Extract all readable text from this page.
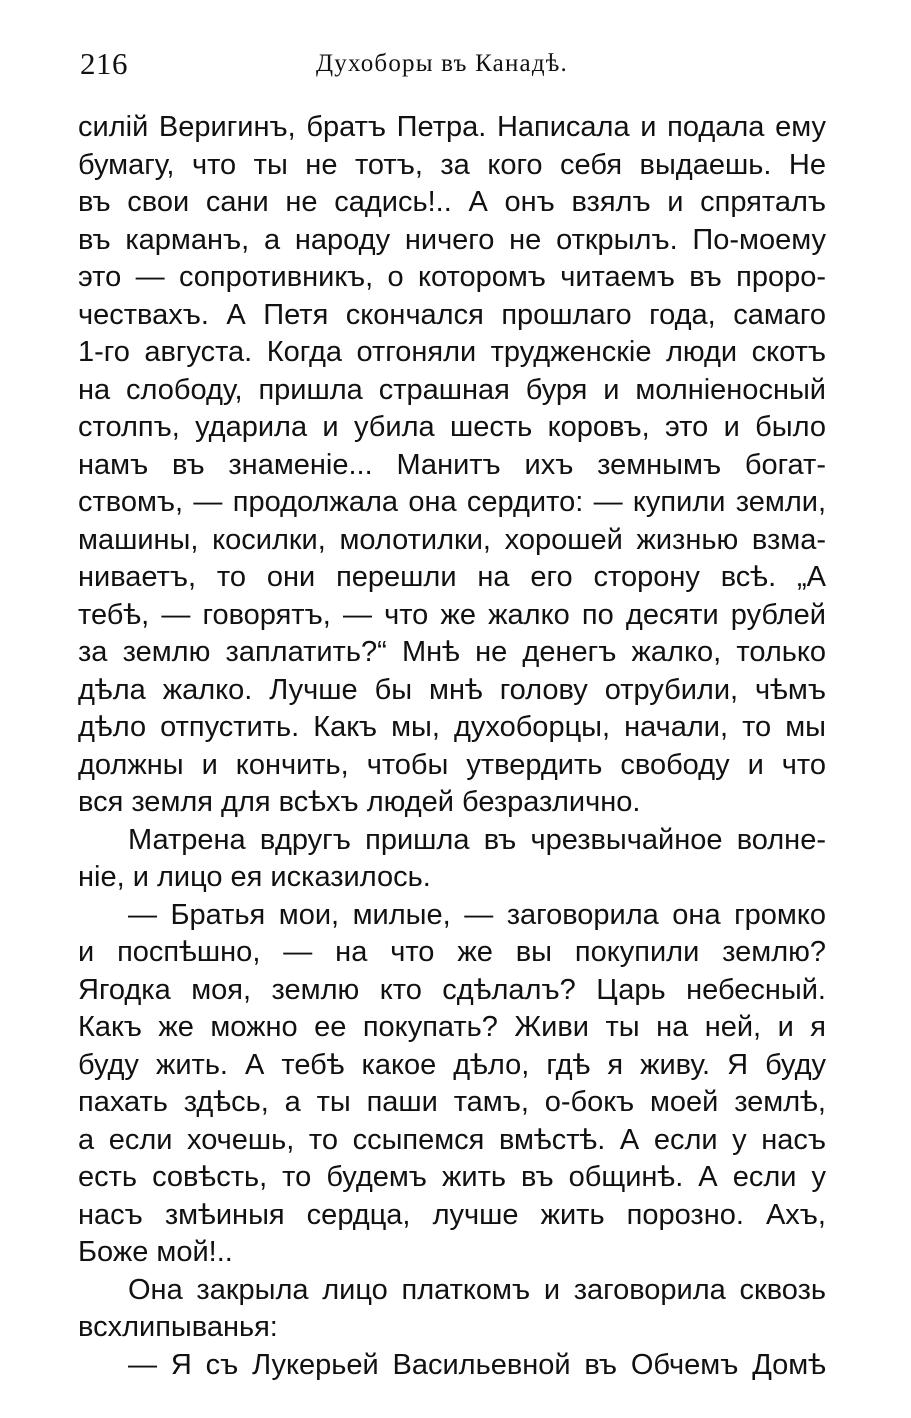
216	Духоборы въ Канадѣ.
силій Веригинъ, братъ Петра. Написала и подала ему
бумагу, что ты не тотъ, за кого себя выдаешь. Не
въ свои сани не садись!.. А онъ взялъ и спряталъ
въ карманъ, а народу ничего не открылъ. По-моему
это — сопротивникъ, о которомъ читаемъ въ проро-
чествахъ. А Петя скончался прошлаго года, самаго
1-го августа. Когда отгоняли трудженскіе люди скотъ
на слободу, пришла страшная буря и молніеносный
столпъ, ударила и убила шесть коровъ, это и было
намъ въ знаменіе... Манитъ ихъ земнымъ богат-
ствомъ, — продолжала она сердито: — купили земли,
машины, косилки, молотилки, хорошей жизнью взма-
ниваетъ, то они перешли на его сторону всѣ. „А
тебѣ, — говорятъ, — что же жалко по десяти рублей
за землю заплатить?“ Мнѣ не денегъ жалко, только
дѣла жалко. Лучше бы мнѣ голову отрубили, чѣмъ
дѣло отпустить. Какъ мы, духоборцы, начали, то мы
должны и кончить, чтобы утвердить свободу и что
вся земля для всѣхъ людей безразлично.
Матрена вдругъ пришла въ чрезвычайное волне-
ніе, и лицо ея исказилось.
— Братья мои, милые, — заговорила она громко
и поспѣшно, — на что же вы покупили землю?
Ягодка моя, землю кто сдѣлалъ? Царь небесный.
Какъ же можно ее покупать? Живи ты на ней, и я
буду жить. А тебѣ какое дѣло, гдѣ я живу. Я буду
пахать здѣсь, а ты паши тамъ, о-бокъ моей землѣ,
а если хочешь, то ссыпемся вмѣстѣ. А если у насъ
есть совѣсть, то будемъ жить въ общинѣ. А если у
насъ змѣиныя сердца, лучше жить порозно. Ахъ,
Боже мой!..
Она закрыла лицо платкомъ и заговорила сквозь
всхлипыванья:
— Я съ Лукерьей Васильевной въ Обчемъ Домѣ
